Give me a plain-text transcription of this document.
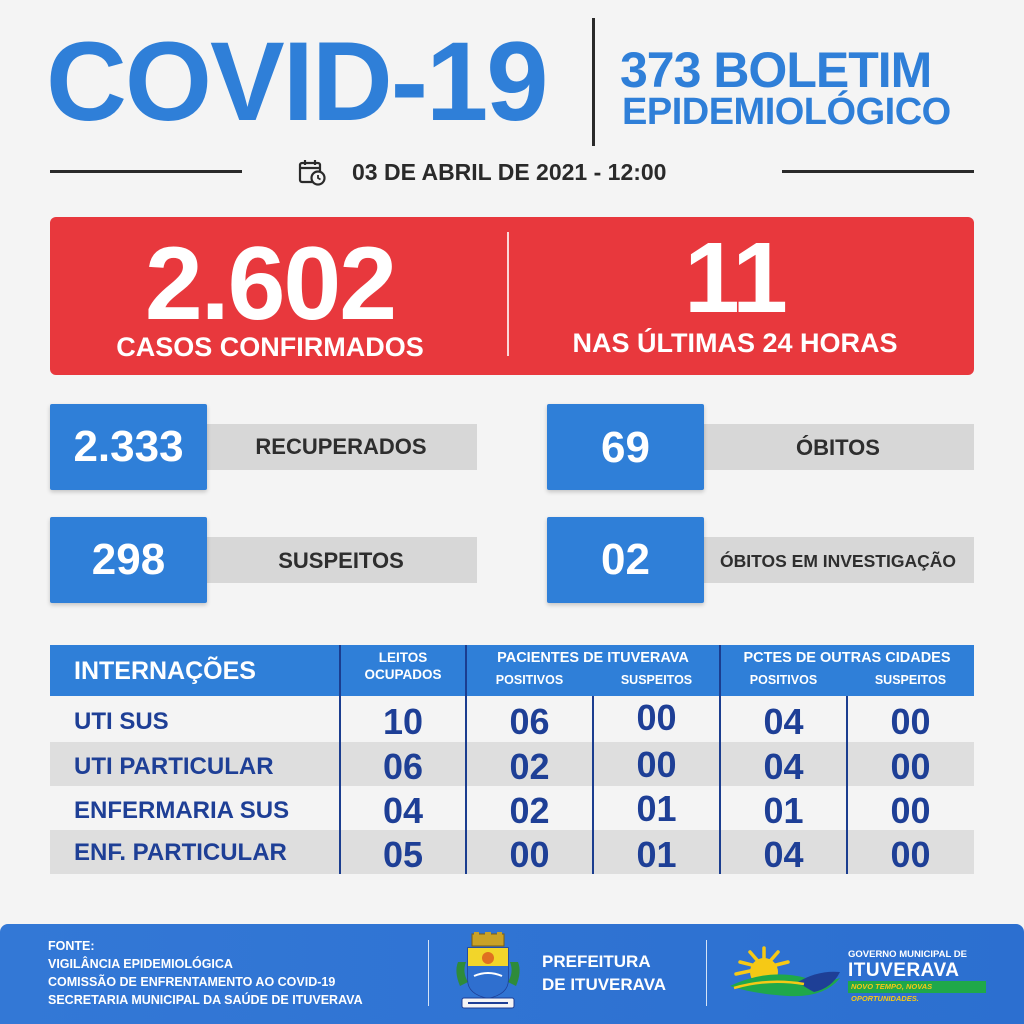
COVID-19	373 BOLETIM
EPIDEMIOLÓGICO
03 DE ABRIL DE 2021 - 12:00
2.602
CASOS CONFIRMADOS
11
NAS ÚLTIMAS 24 HORAS
RECUPERADOS
2.333	ÓBITOS
69
SUSPEITOS
298	ÓBITOS EM INVESTIGAÇÃO
02
INTERNAÇÕES	LEITOS
OCUPADOS
PACIENTES DE ITUVERAVA
POSITIVOS	SUSPEITOS
PCTES DE OUTRAS CIDADES
POSITIVOS	SUSPEITOS
UTI SUS	10	06	00	04	00
UTI PARTICULAR	06	02	00	04	00
ENFERMARIA SUS	04	02	01	01	00
ENF. PARTICULAR	05	00	01	04	00
FONTE:
VIGILÂNCIA EPIDEMIOLÓGICA
COMISSÃO DE ENFRENTAMENTO AO COVID-19
SECRETARIA MUNICIPAL DA SAÚDE DE ITUVERAVA
PREFEITURA
DE ITUVERAVA
GOVERNO MUNICIPAL DE
ITUVERAVA
NOVO TEMPO, NOVAS OPORTUNIDADES.
